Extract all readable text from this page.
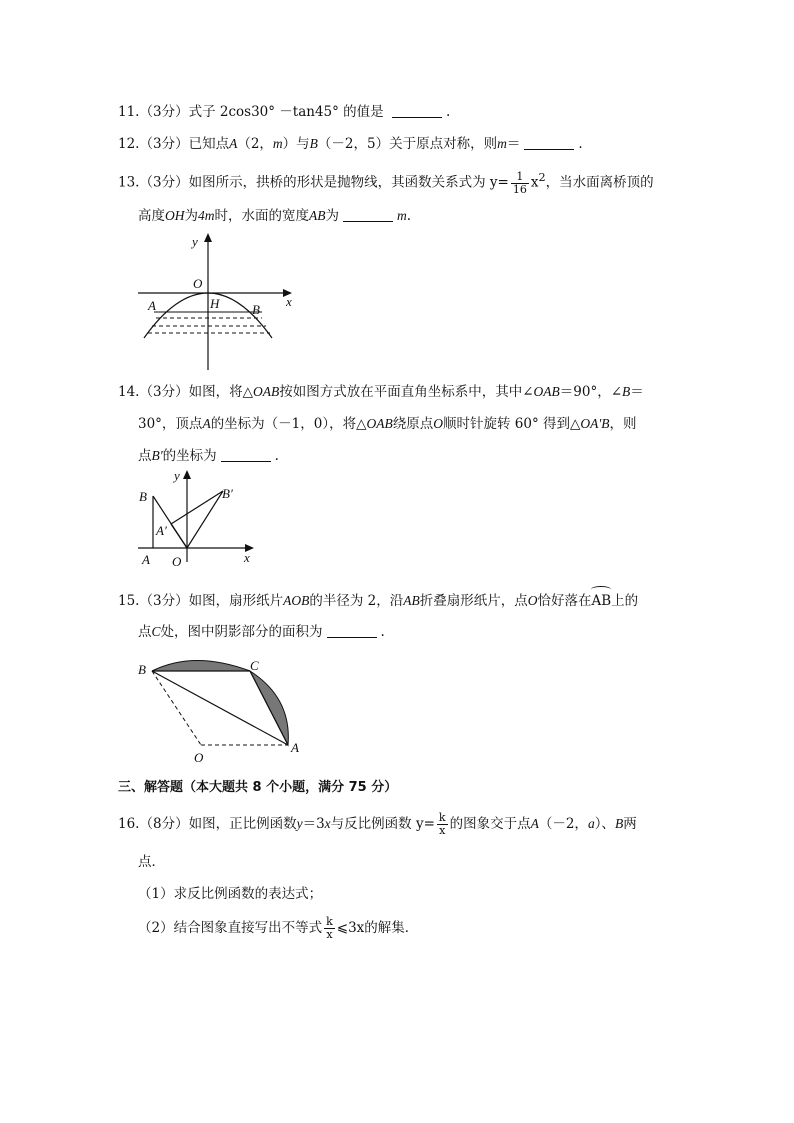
11.（3分）式子 2cos30° －tan45° 的值是	.
12.（3分）已知点A（2，m）与B（－2，5）关于原点对称，则m＝	.
13.（3分）如图所示，拱桥的形状是抛物线，其函数关系式为 $y= \frac{1}{16} x^2$，当水面离桥顶的
高度OH为4m时，水面的宽度AB为	m.
y
O
H
A	B
x
14.（3分）如图，将△OAB按如图方式放在平面直角坐标系中，其中∠OAB＝90°，∠B＝
30°，顶点A的坐标为（－1，0），将△OAB绕原点O顺时针旋转 60° 得到△OA'B，则
点B'的坐标为	.
y
B	B′
A′
A O	x
15.（3分）如图，扇形纸片AOB的半径为 2，沿AB折叠扇形纸片，点O恰好落在AB上的
点C处，图中阴影部分的面积为	.
B	C
A
O
三、解答题（本大题共 8 个小题，满分 75 分）
16.（8分）如图，正比例函数y＝3x与反比例函数 $y= \frac{k}{x}$ 的图象交于点A（－2，a）、B两
点．
（1）求反比例函数的表达式；
（2）结合图象直接写出不等式 $\frac{k}{x}$ ⩽3x的解集．
